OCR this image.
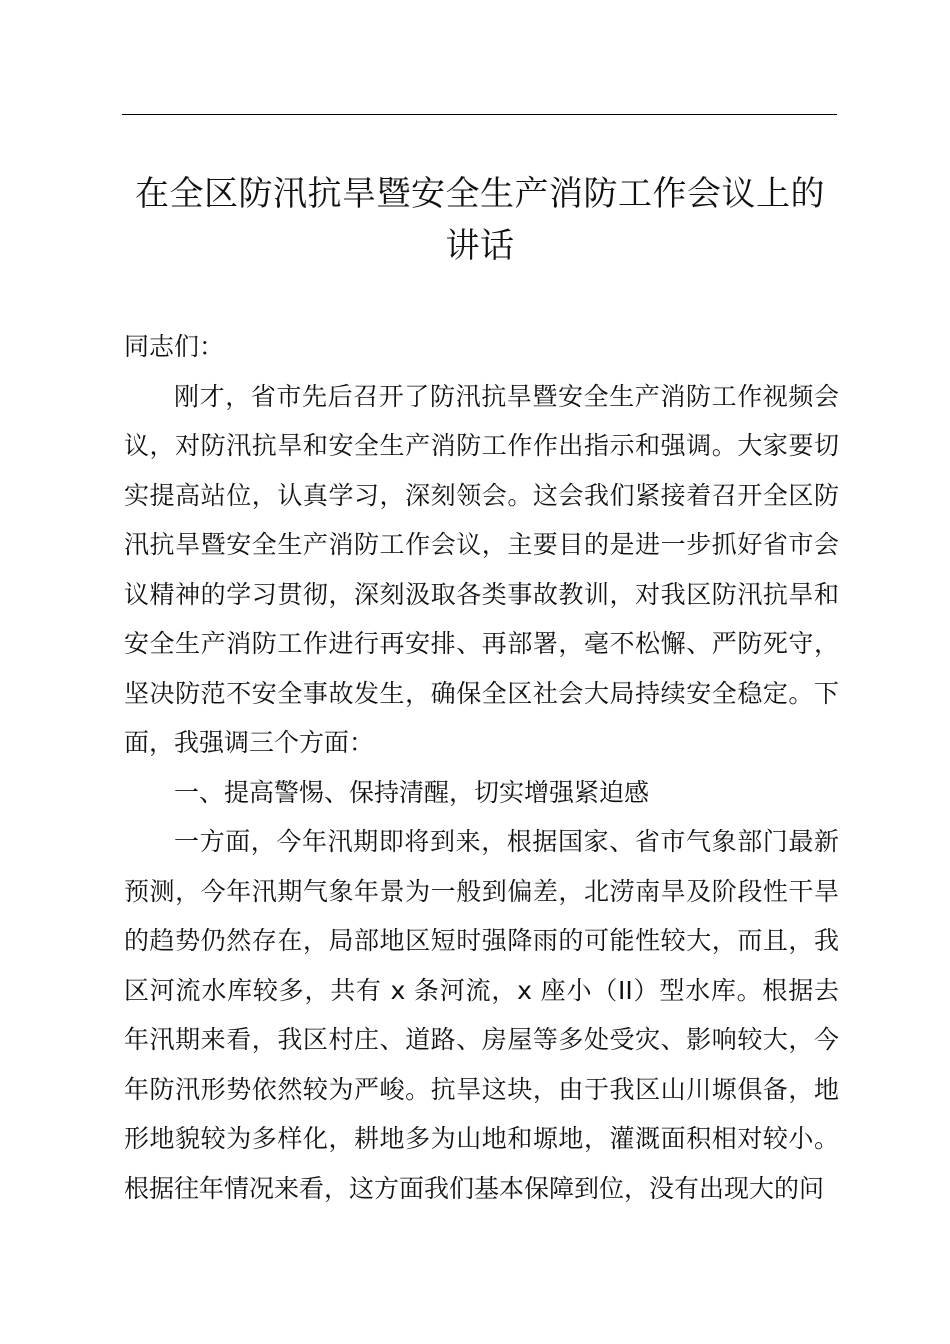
在全区防汛抗旱暨安全生产消防工作会议上的
讲话

同志们：

刚才，省市先后召开了防汛抗旱暨安全生产消防工作视频会议，对防汛抗旱和安全生产消防工作作出指示和强调。大家要切实提高站位，认真学习，深刻领会。这会我们紧接着召开全区防汛抗旱暨安全生产消防工作会议，主要目的是进一步抓好省市会议精神的学习贯彻，深刻汲取各类事故教训，对我区防汛抗旱和安全生产消防工作进行再安排、再部署，毫不松懈、严防死守，坚决防范不安全事故发生，确保全区社会大局持续安全稳定。下面，我强调三个方面：

一、提高警惕、保持清醒，切实增强紧迫感

一方面，今年汛期即将到来，根据国家、省市气象部门最新预测，今年汛期气象年景为一般到偏差，北涝南旱及阶段性干旱的趋势仍然存在，局部地区短时强降雨的可能性较大，而且，我区河流水库较多，共有 x 条河流，x 座小（II）型水库。根据去年汛期来看，我区村庄、道路、房屋等多处受灾、影响较大，今年防汛形势依然较为严峻。抗旱这块，由于我区山川塬俱备，地形地貌较为多样化，耕地多为山地和塬地，灌溉面积相对较小。根据往年情况来看，这方面我们基本保障到位，没有出现大的问
